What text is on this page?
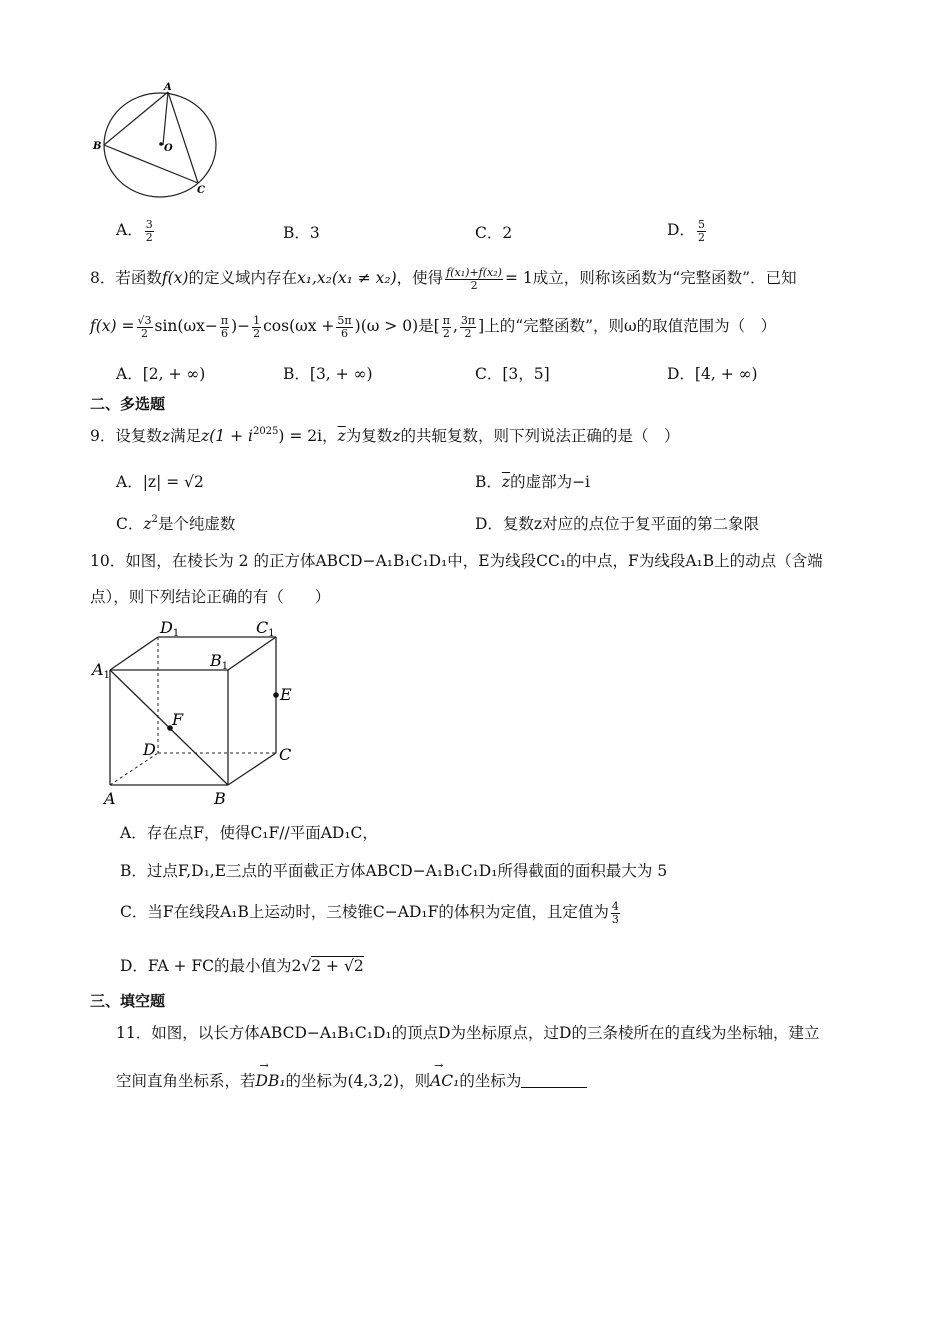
A
B
C
O
A． $\frac{3}{2}$	B．3	C．2	D． $\frac{5}{2}$
8．若函数f(x)的定义域内存在x₁,x₂(x₁ ≠ x₂)，使得 $\frac{\text{f(x₁)+f(x₂)}}{2} = 1$成立，则称该函数为“完整函数”．已知
$f(x) = \frac{√3}{2} \sin(\omega x- \frac{\pi}{6}$ )− $\frac{1}{2} \cos(\omega x + \frac{5\pi}{6} )(\omega > 0)$是[ $\frac{\pi}{2}$ , $\frac{3\pi}{2}$ ]上的“完整函数”，则ω的取值范围为（　）
A．[2, + ∞)	B．[3, + ∞)	C．[3，5]	D．[4, + ∞)
二、多选题
9．设复数z满足$z(1 + i^{2025}) = 2i$，$\overline{z}$为复数z的共轭复数，则下列说法正确的是（　）
A．|z| = √2	B．$\overline{z}$的虚部为−i
C．$z^2$是个纯虚数	D．复数z对应的点位于复平面的第二象限
10．如图，在棱长为 2 的正方体ABCD−A₁B₁C₁D₁中，E为线段CC₁的中点，F为线段A₁B上的动点（含端
点），则下列结论正确的有（　　）
D1	C1
A1
B1
E
F
D	C
A	B
A．存在点F，使得C₁F//平面AD₁C，
B．过点F,D₁,E三点的平面截正方体ABCD−A₁B₁C₁D₁所得截面的面积最大为 5
C．当F在线段A₁B上运动时，三棱锥C−AD₁F的体积为定值，且定值为 $\frac{4}{3}$
D．FA + FC的最小值为2√2 + √2
三、填空题
11．如图，以长方体ABCD−A₁B₁C₁D₁的顶点D为坐标原点，过D的三条棱所在的直线为坐标轴，建立
空间直角坐标系，若→ DB₁的坐标为(4,3,2)，则→ AC₁的坐标为
